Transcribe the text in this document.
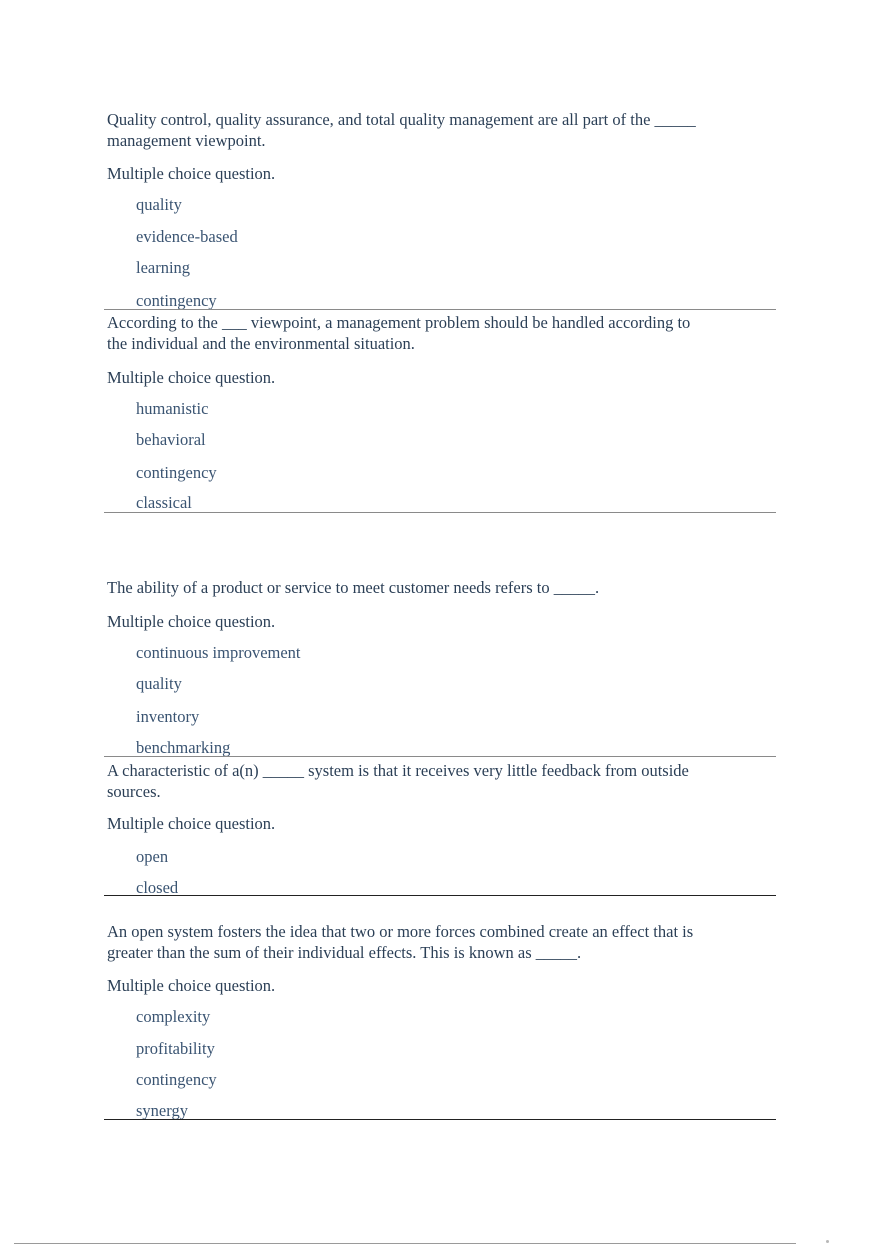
Quality control, quality assurance, and total quality management are all part of the _____ management viewpoint.

Multiple choice question.
quality
evidence-based
learning
contingency

According to the ___ viewpoint, a management problem should be handled according to the individual and the environmental situation.

Multiple choice question.
humanistic
behavioral
contingency
classical

The ability of a product or service to meet customer needs refers to _____.

Multiple choice question.
continuous improvement
quality
inventory
benchmarking

A characteristic of a(n) _____ system is that it receives very little feedback from outside sources.

Multiple choice question.
open
closed

An open system fosters the idea that two or more forces combined create an effect that is greater than the sum of their individual effects. This is known as _____.

Multiple choice question.
complexity
profitability
contingency
synergy
